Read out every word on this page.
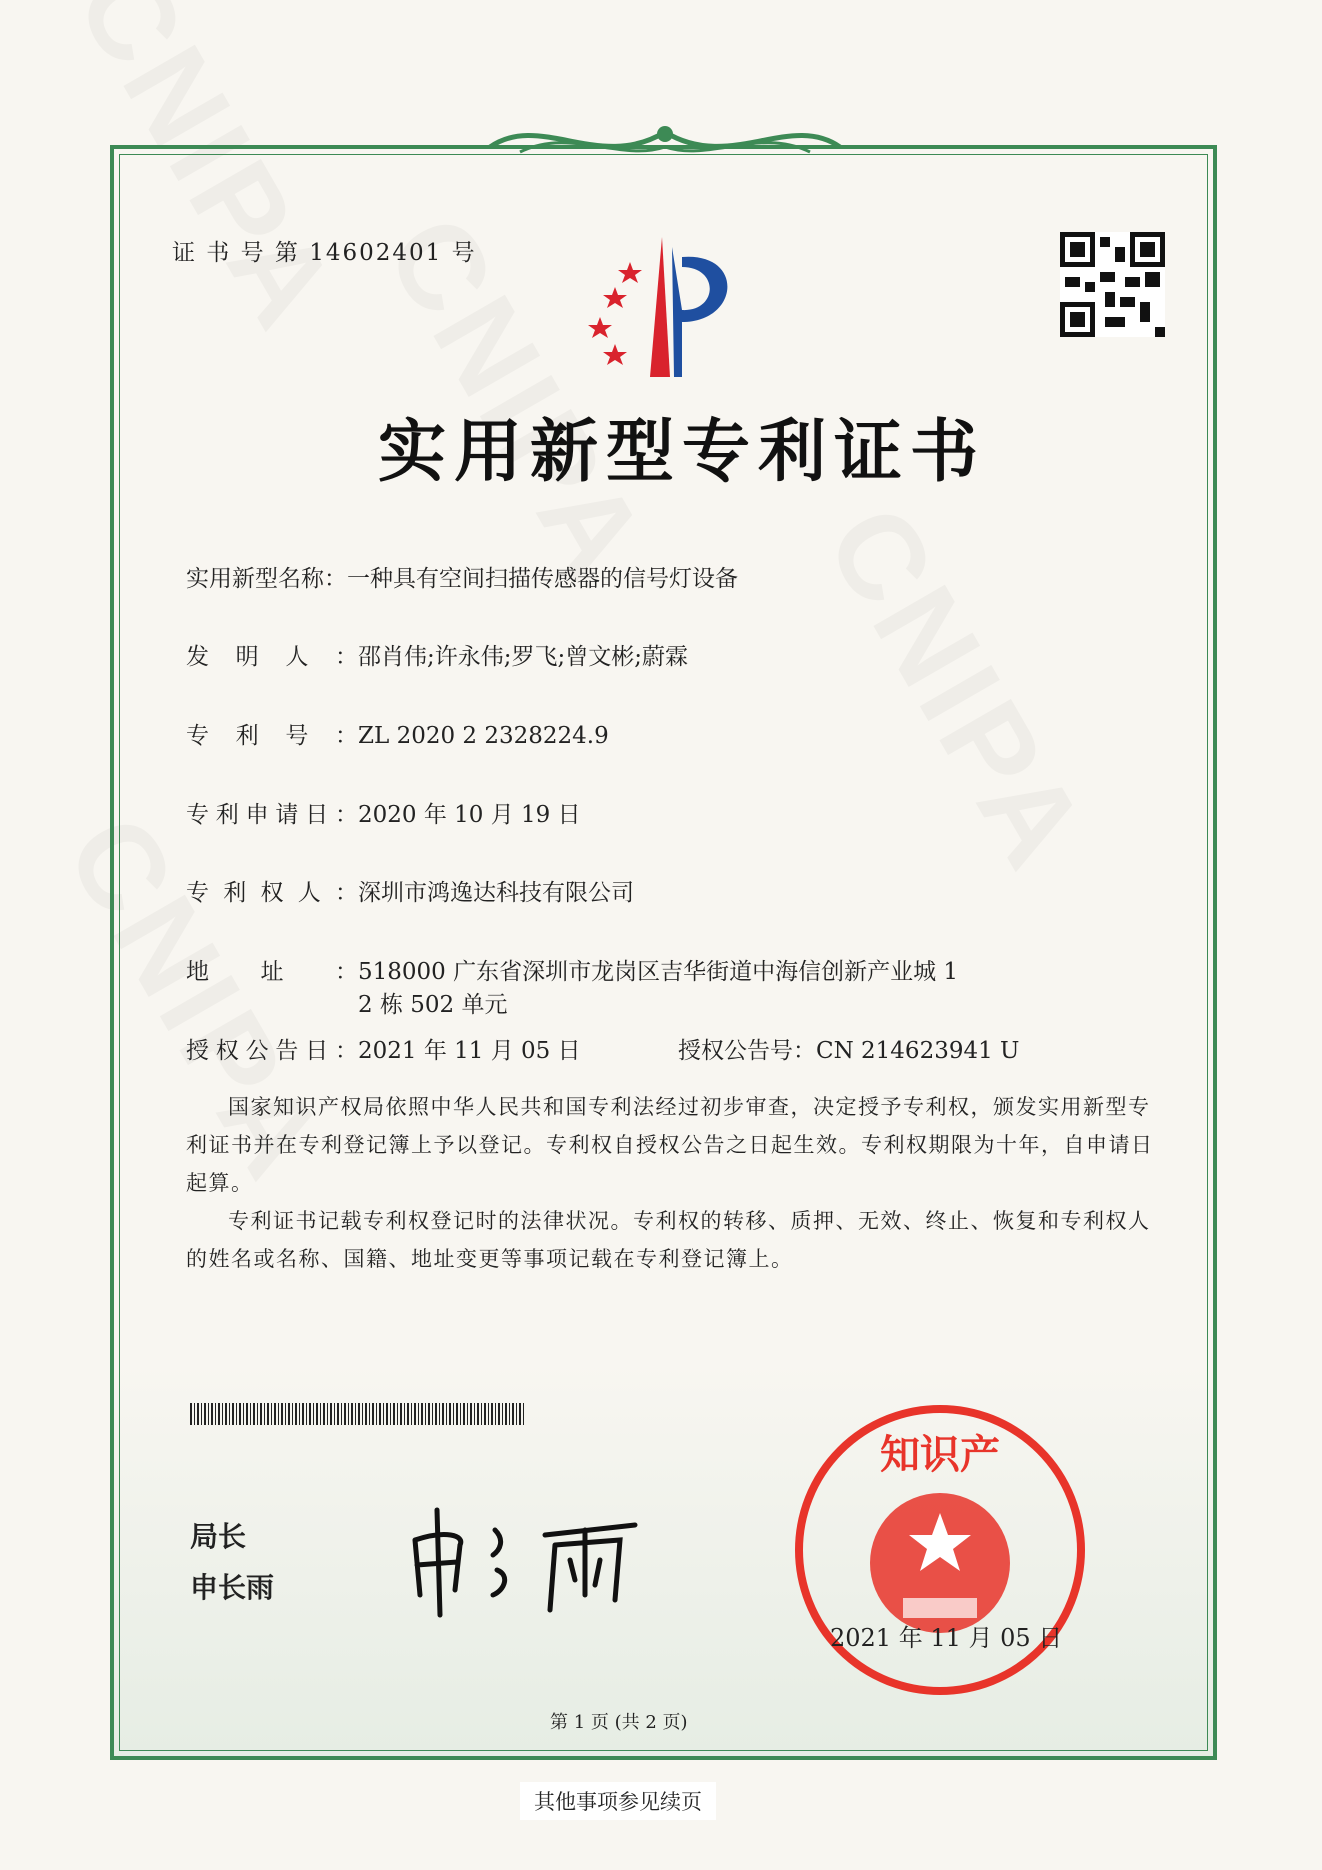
证 书 号 第 14602401 号
实用新型专利证书
实用新型名称：一种具有空间扫描传感器的信号灯设备
发明人：邵肖伟;许永伟;罗飞;曾文彬;蔚霖
专利号：ZL 2020 2 2328224.9
专利申请日：2020 年 10 月 19 日
专利权人：深圳市鸿逸达科技有限公司
地址：518000 广东省深圳市龙岗区吉华街道中海信创新产业城 1
2 栋 502 单元
授权公告日：2021 年 11 月 05 日	授权公告号：CN 214623941 U
国家知识产权局依照中华人民共和国专利法经过初步审查，决定授予专利权，颁发实用新型专利证书并在专利登记簿上予以登记。专利权自授权公告之日起生效。专利权期限为十年，自申请日起算。
专利证书记载专利权登记时的法律状况。专利权的转移、质押、无效、终止、恢复和专利权人的姓名或名称、国籍、地址变更等事项记载在专利登记簿上。
局长
申长雨
知识产
2021 年 11 月 05 日
第 1 页 (共 2 页)
其他事项参见续页
